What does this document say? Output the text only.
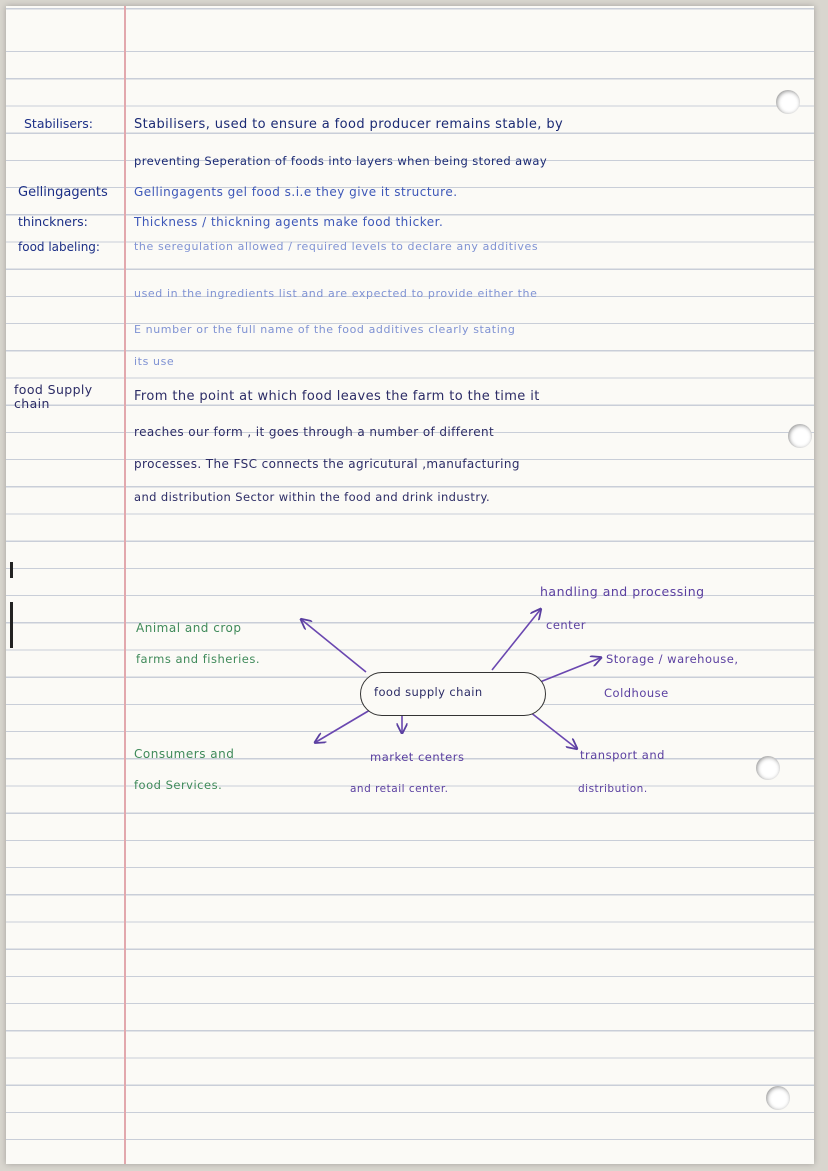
Stabilisers:	Stabilisers, used to ensure a food producer remains stable, by
preventing Seperation of foods into layers when being stored away
Gellingagents Gellingagents gel food s.i.e they give it structure.
thinckners:	Thickness / thickning agents make food thicker.
food labeling:	the seregulation allowed / required levels to declare any additives
used in the ingredients list and are expected to provide either the
E number or the full name of the food additives clearly stating
its use
food Supply
chain	From the point at which food leaves the farm to the time it
reaches our form , it goes through a number of different
processes. The FSC connects the agricutural ,manufacturing
and distribution Sector within the food and drink industry.
food supply chain
handling and processing
center
Animal and crop
farms and fisheries.	Storage / warehouse,
Coldhouse
Consumers and
food Services.
market centers
and retail center.
transport and
distribution.
